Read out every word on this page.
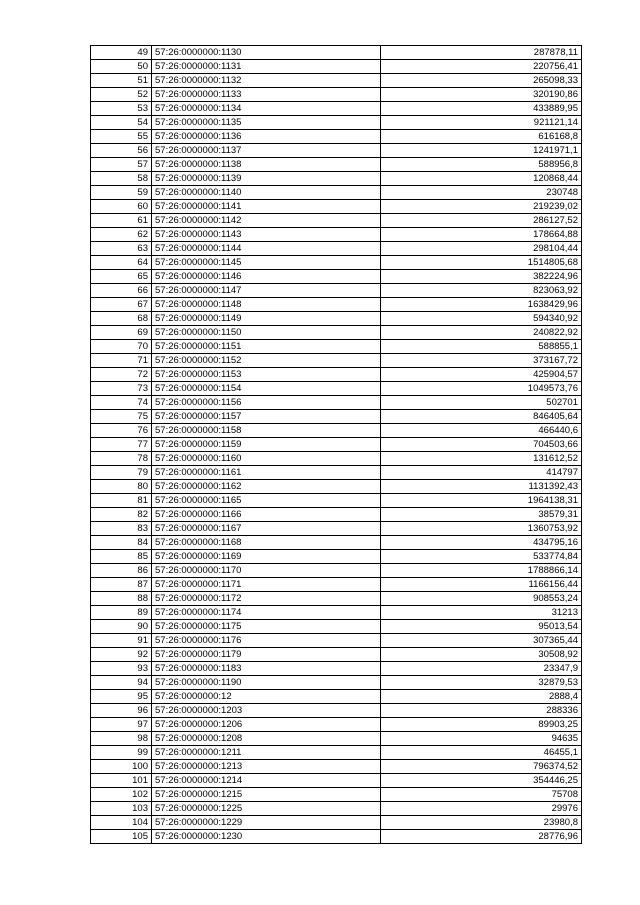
49	57:26:0000000:1130	287878,11
50	57:26:0000000:1131	220756,41
51	57:26:0000000:1132	265098,33
52	57:26:0000000:1133	320190,86
53	57:26:0000000:1134	433889,95
54	57:26:0000000:1135	921121,14
55	57:26:0000000:1136	616168,8
56	57:26:0000000:1137	1241971,1
57	57:26:0000000:1138	588956,8
58	57:26:0000000:1139	120868,44
59	57:26:0000000:1140	230748
60	57:26:0000000:1141	219239,02
61	57:26:0000000:1142	286127,52
62	57:26:0000000:1143	178664,88
63	57:26:0000000:1144	298104,44
64	57:26:0000000:1145	1514805,68
65	57:26:0000000:1146	382224,96
66	57:26:0000000:1147	823063,92
67	57:26:0000000:1148	1638429,96
68	57:26:0000000:1149	594340,92
69	57:26:0000000:1150	240822,92
70	57:26:0000000:1151	588855,1
71	57:26:0000000:1152	373167,72
72	57:26:0000000:1153	425904,57
73	57:26:0000000:1154	1049573,76
74	57:26:0000000:1156	502701
75	57:26:0000000:1157	846405,64
76	57:26:0000000:1158	466440,6
77	57:26:0000000:1159	704503,66
78	57:26:0000000:1160	131612,52
79	57:26:0000000:1161	414797
80	57:26:0000000:1162	1131392,43
81	57:26:0000000:1165	1964138,31
82	57:26:0000000:1166	38579,31
83	57:26:0000000:1167	1360753,92
84	57:26:0000000:1168	434795,16
85	57:26:0000000:1169	533774,84
86	57:26:0000000:1170	1788866,14
87	57:26:0000000:1171	1166156,44
88	57:26:0000000:1172	908553,24
89	57:26:0000000:1174	31213
90	57:26:0000000:1175	95013,54
91	57:26:0000000:1176	307365,44
92	57:26:0000000:1179	30508,92
93	57:26:0000000:1183	23347,9
94	57:26:0000000:1190	32879,53
95	57:26:0000000:12	2888,4
96	57:26:0000000:1203	288336
97	57:26:0000000:1206	89903,25
98	57:26:0000000:1208	94635
99	57:26:0000000:1211	46455,1
100	57:26:0000000:1213	796374,52
101	57:26:0000000:1214	354446,25
102	57:26:0000000:1215	75708
103	57:26:0000000:1225	29976
104	57:26:0000000:1229	23980,8
105	57:26:0000000:1230	28776,96
